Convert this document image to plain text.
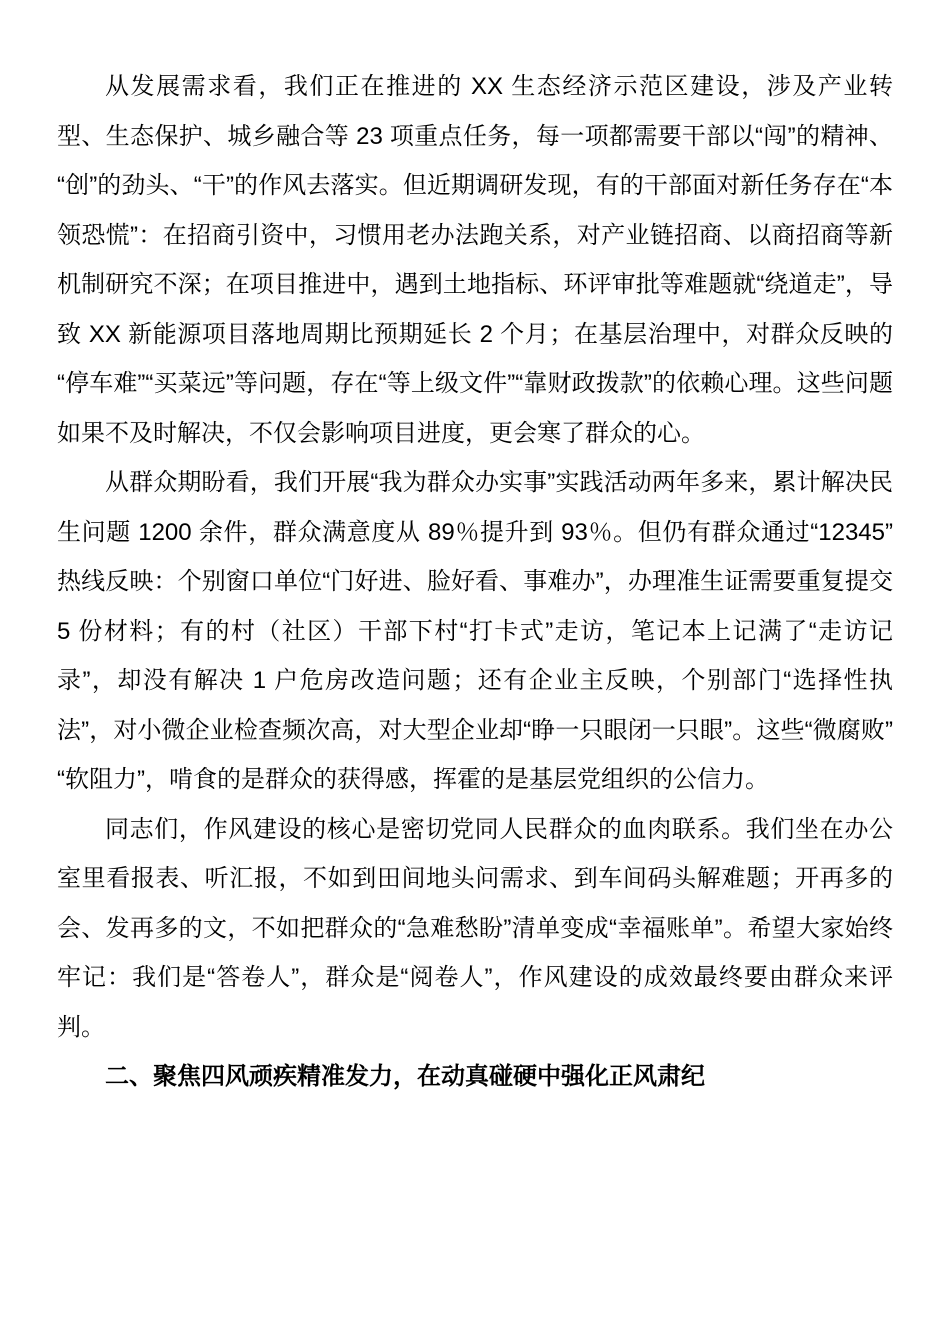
从发展需求看，我们正在推进的 XX 生态经济示范区建设，涉及产业转型、生态保护、城乡融合等 23 项重点任务，每一项都需要干部以“闯”的精神、“创”的劲头、“干”的作风去落实。但近期调研发现，有的干部面对新任务存在“本领恐慌”：在招商引资中，习惯用老办法跑关系，对产业链招商、以商招商等新机制研究不深；在项目推进中，遇到土地指标、环评审批等难题就“绕道走”，导致 XX 新能源项目落地周期比预期延长 2 个月；在基层治理中，对群众反映的“停车难”“买菜远”等问题，存在“等上级文件”“靠财政拨款”的依赖心理。这些问题如果不及时解决，不仅会影响项目进度，更会寒了群众的心。

从群众期盼看，我们开展“我为群众办实事”实践活动两年多来，累计解决民生问题 1200 余件，群众满意度从 89％提升到 93％。但仍有群众通过“12345”热线反映：个别窗口单位“门好进、脸好看、事难办”，办理准生证需要重复提交 5 份材料；有的村（社区）干部下村“打卡式”走访，笔记本上记满了“走访记录”，却没有解决 1 户危房改造问题；还有企业主反映，个别部门“选择性执法”，对小微企业检查频次高，对大型企业却“睁一只眼闭一只眼”。这些“微腐败”“软阻力”，啃食的是群众的获得感，挥霍的是基层党组织的公信力。

同志们，作风建设的核心是密切党同人民群众的血肉联系。我们坐在办公室里看报表、听汇报，不如到田间地头问需求、到车间码头解难题；开再多的会、发再多的文，不如把群众的“急难愁盼”清单变成“幸福账单”。希望大家始终牢记：我们是“答卷人”，群众是“阅卷人”，作风建设的成效最终要由群众来评判。

二、聚焦四风顽疾精准发力，在动真碰硬中强化正风肃纪
